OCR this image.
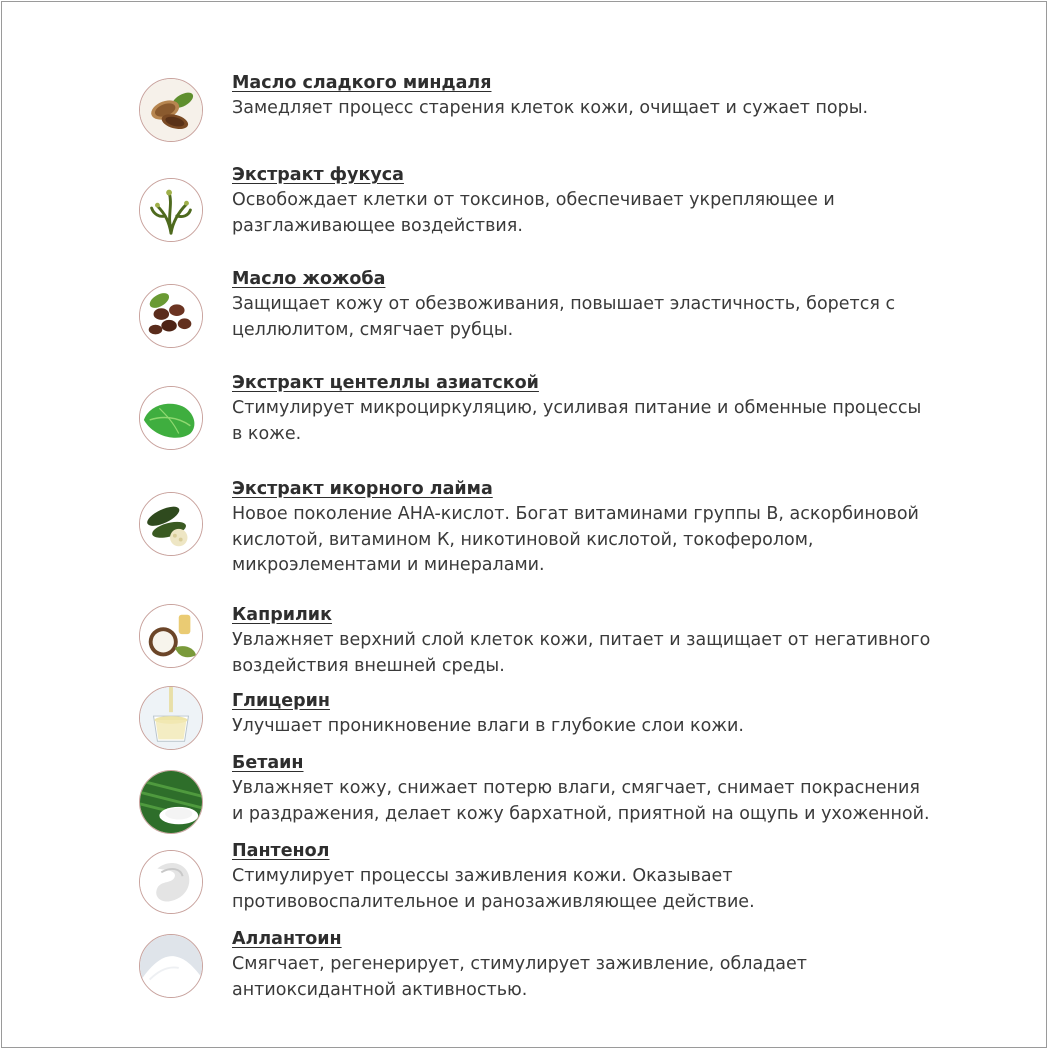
Масло сладкого миндаля
Замедляет процесс старения клеток кожи, очищает и сужает поры.
Экстракт фукуса
Освобождает клетки от токсинов, обеспечивает укрепляющее и разглаживающее воздействия.
Масло жожоба
Защищает кожу от обезвоживания, повышает эластичность, борется с целлюлитом, смягчает рубцы.
Экстракт центеллы азиатской
Стимулирует микроциркуляцию, усиливая питание и обменные процессы в коже.
Экстракт икорного лайма
Новое поколение AHA-кислот. Богат витаминами группы В, аскорбиновой кислотой, витамином К, никотиновой кислотой, токоферолом, микроэлементами и минералами.
Каприлик
Увлажняет верхний слой клеток кожи, питает и защищает от негативного воздействия внешней среды.
Глицерин
Улучшает проникновение влаги в глубокие слои кожи.
Бетаин
Увлажняет кожу, снижает потерю влаги, смягчает, снимает покраснения и раздражения, делает кожу бархатной, приятной на ощупь и ухоженной.
Пантенол
Стимулирует процессы заживления кожи. Оказывает противовоспалительное и ранозаживляющее действие.
Аллантоин
Смягчает, регенерирует, стимулирует заживление, обладает антиоксидантной активностью.
